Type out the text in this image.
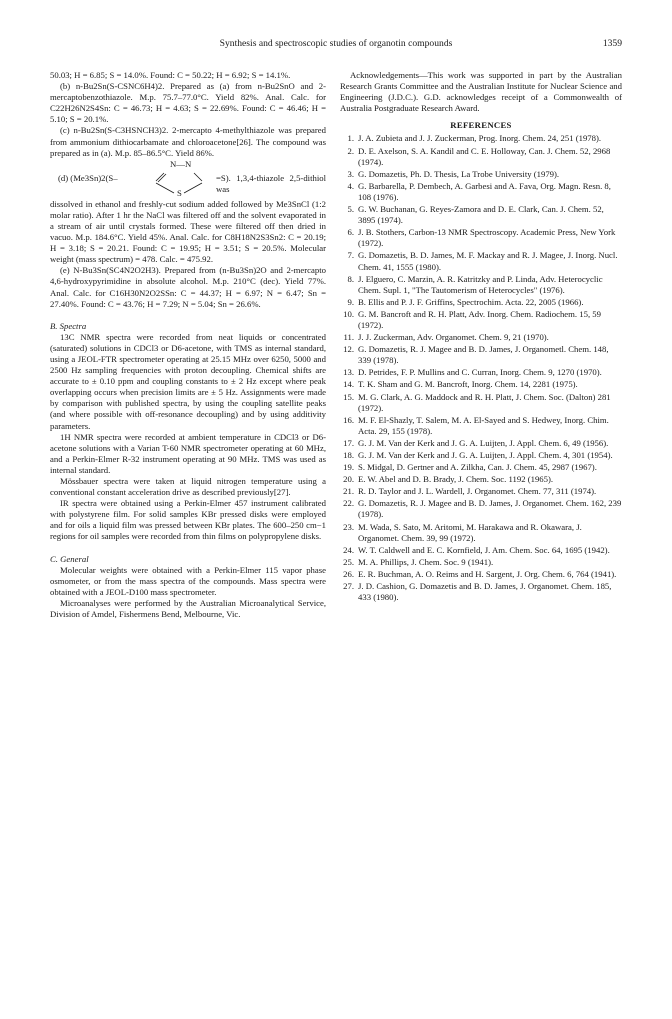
Synthesis and spectroscopic studies of organotin compounds	1359

50.03; H = 6.85; S = 14.0%. Found: C = 50.22; H = 6.92; S = 14.1%.

(b) n-Bu2Sn(S-CSNC6H4)2. Prepared as (a) from n-Bu2SnO and 2-mercaptobenzothiazole. M.p. 75.7–77.0°C. Yield 82%. Anal. Calc. for C22H26N2S4Sn: C = 46.73; H = 4.63; S = 22.69%. Found: C = 46.46; H = 5.10; S = 20.1%.

(c) n-Bu2Sn(S-C3HSNCH3)2. 2-mercapto 4-methylthiazole was prepared from ammonium dithiocarbamate and chloroacetone[26]. The compound was prepared as in (a). M.p. 85–86.5°C. Yield 86%.

(d) (Me3Sn)2(S–
N—N
S
=S). 1,3,4-thiazole 2,5-dithiol was

dissolved in ethanol and freshly-cut sodium added followed by Me3SnCl (1:2 molar ratio). After 1 hr the NaCl was filtered off and the solvent evaporated in a stream of air until crystals formed. These were filtered off then dried in vacuo. M.p. 184.6°C. Yield 45%. Anal. Calc. for C8H18N2S3Sn2: C = 20.19; H = 3.18; S = 20.21. Found: C = 19.95; H = 3.51; S = 20.5%. Molecular weight (mass spectrum) = 478. Calc. = 475.92.

(e) N-Bu3Sn(SC4N2O2H3). Prepared from (n-Bu3Sn)2O and 2-mercapto 4,6-hydroxypyrimidine in absolute alcohol. M.p. 210°C (dec). Yield 77%. Anal. Calc. for C16H30N2O2SSn: C = 44.37; H = 6.97; N = 6.47; Sn = 27.40%. Found: C = 43.76; H = 7.29; N = 5.04; Sn = 26.6%.

B. Spectra

13C NMR spectra were recorded from neat liquids or concentrated (saturated) solutions in CDCl3 or D6-acetone, with TMS as internal standard, using a JEOL-FTR spectrometer operating at 25.15 MHz over 6250, 5000 and 2500 Hz sampling frequencies with proton decoupling. Chemical shifts are accurate to ± 0.10 ppm and coupling constants to ± 2 Hz except where peak overlapping occurs when precision limits are ± 5 Hz. Assignments were made by comparison with published spectra, by using the coupling satellite peaks (and where possible with off-resonance decoupling) and by using additivity parameters.

1H NMR spectra were recorded at ambient temperature in CDCl3 or D6-acetone solutions with a Varian T-60 NMR spectrometer operating at 60 MHz, and a Perkin-Elmer R-32 instrument operating at 90 MHz. TMS was used as internal standard.

Mössbauer spectra were taken at liquid nitrogen temperature using a conventional constant acceleration drive as described previously[27].

IR spectra were obtained using a Perkin-Elmer 457 instrument calibrated with polystyrene film. For solid samples KBr pressed disks were employed and for oils a liquid film was pressed between KBr plates. The 600–250 cm−1 regions for oil samples were recorded from thin films on polypropylene disks.

C. General

Molecular weights were obtained with a Perkin-Elmer 115 vapor phase osmometer, or from the mass spectra of the compounds. Mass spectra were obtained with a JEOL-D100 mass spectrometer.

Microanalyses were performed by the Australian Microanalytical Service, Division of Amdel, Fishermens Bend, Melbourne, Vic.

Acknowledgements—This work was supported in part by the Australian Research Grants Committee and the Australian Institute for Nuclear Science and Engineering (J.D.C.). G.D. acknowledges receipt of a Commonwealth of Australia Postgraduate Research Award.

REFERENCES

1. J. A. Zubieta and J. J. Zuckerman, Prog. Inorg. Chem. 24, 251 (1978).
2. D. E. Axelson, S. A. Kandil and C. E. Holloway, Can. J. Chem. 52, 2968 (1974).
3. G. Domazetis, Ph. D. Thesis, La Trobe University (1979).
4. G. Barbarella, P. Dembech, A. Garbesi and A. Fava, Org. Magn. Resn. 8, 108 (1976).
5. G. W. Buchanan, G. Reyes-Zamora and D. E. Clark, Can. J. Chem. 52, 3895 (1974).
6. J. B. Stothers, Carbon-13 NMR Spectroscopy. Academic Press, New York (1972).
7. G. Domazetis, B. D. James, M. F. Mackay and R. J. Magee, J. Inorg. Nucl. Chem. 41, 1555 (1980).
8. J. Elguero, C. Marzin, A. R. Katritzky and P. Linda, Adv. Heterocyclic Chem. Supl. 1, "The Tautomerism of Heterocycles" (1976).
9. B. Ellis and P. J. F. Griffins, Spectrochim. Acta. 22, 2005 (1966).
10. G. M. Bancroft and R. H. Platt, Adv. Inorg. Chem. Radiochem. 15, 59 (1972).
11. J. J. Zuckerman, Adv. Organomet. Chem. 9, 21 (1970).
12. G. Domazetis, R. J. Magee and B. D. James, J. Organometl. Chem. 148, 339 (1978).
13. D. Petrides, F. P. Mullins and C. Curran, Inorg. Chem. 9, 1270 (1970).
14. T. K. Sham and G. M. Bancroft, Inorg. Chem. 14, 2281 (1975).
15. M. G. Clark, A. G. Maddock and R. H. Platt, J. Chem. Soc. (Dalton) 281 (1972).
16. M. F. El-Shazly, T. Salem, M. A. El-Sayed and S. Hedwey, Inorg. Chim. Acta. 29, 155 (1978).
17. G. J. M. Van der Kerk and J. G. A. Luijten, J. Appl. Chem. 6, 49 (1956).
18. G. J. M. Van der Kerk and J. G. A. Luijten, J. Appl. Chem. 4, 301 (1954).
19. S. Midgal, D. Gertner and A. Zilkha, Can. J. Chem. 45, 2987 (1967).
20. E. W. Abel and D. B. Brady, J. Chem. Soc. 1192 (1965).
21. R. D. Taylor and J. L. Wardell, J. Organomet. Chem. 77, 311 (1974).
22. G. Domazetis, R. J. Magee and B. D. James, J. Organomet. Chem. 162, 239 (1978).
23. M. Wada, S. Sato, M. Aritomi, M. Harakawa and R. Okawara, J. Organomet. Chem. 39, 99 (1972).
24. W. T. Caldwell and E. C. Kornfield, J. Am. Chem. Soc. 64, 1695 (1942).
25. M. A. Phillips, J. Chem. Soc. 9 (1941).
26. E. R. Buchman, A. O. Reims and H. Sargent, J. Org. Chem. 6, 764 (1941).
27. J. D. Cashion, G. Domazetis and B. D. James, J. Organomet. Chem. 185, 433 (1980).
